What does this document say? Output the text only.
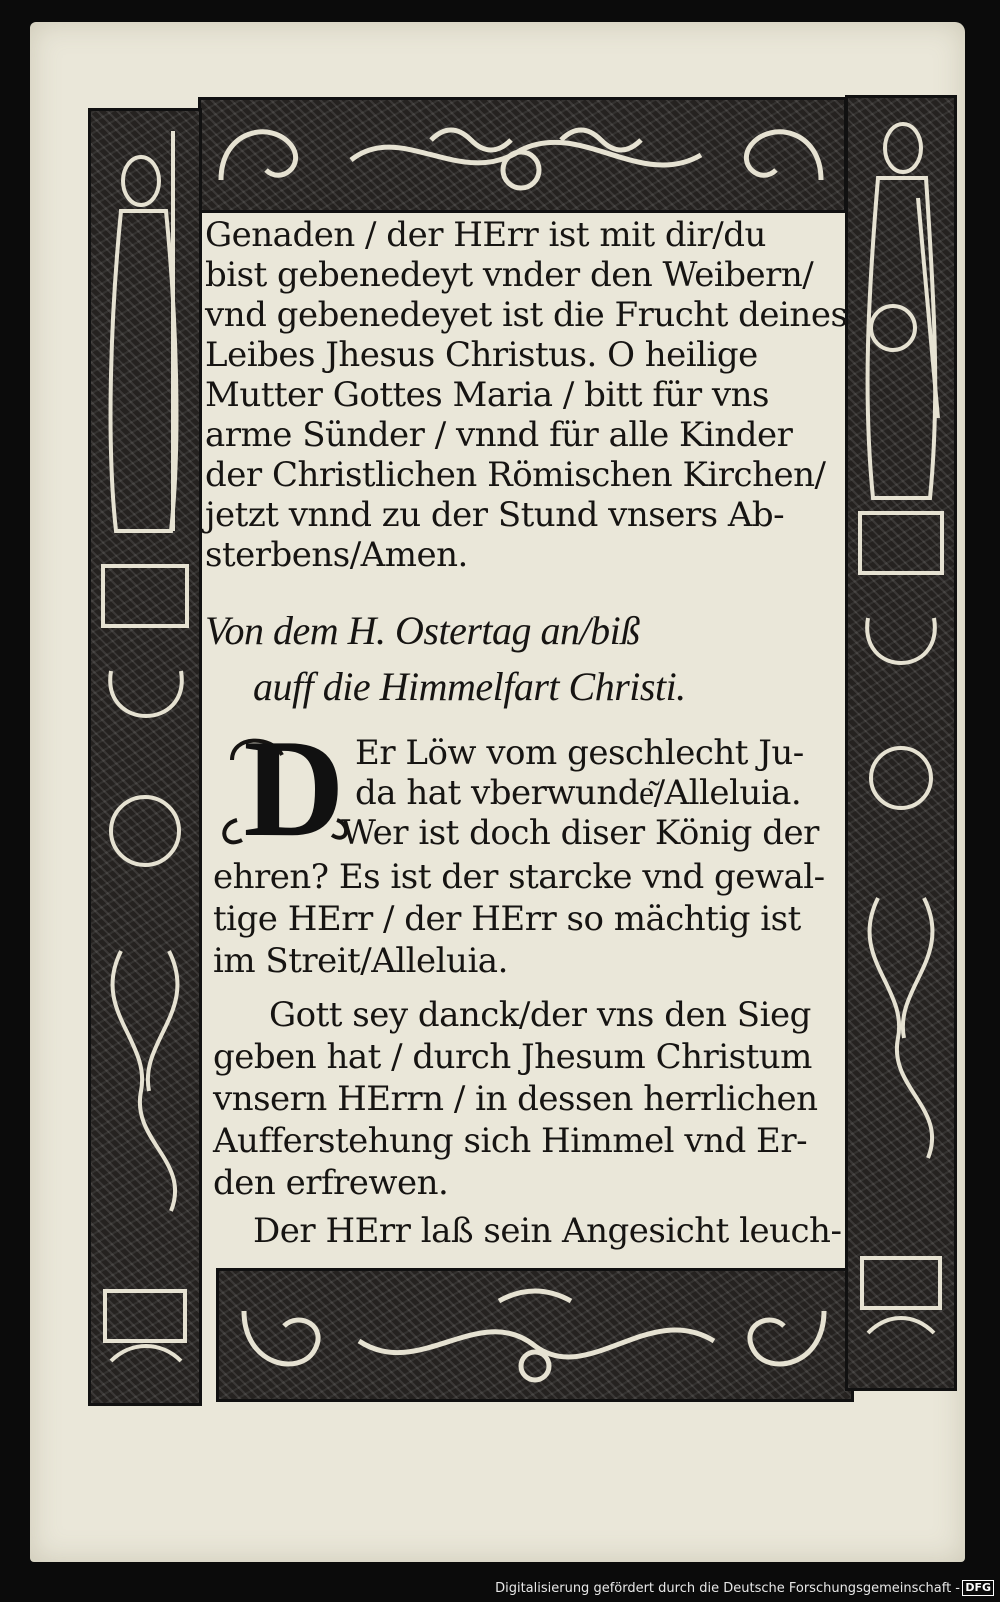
Genaden / der HErr ist mit dir/du
bist gebenedeyt vnder den Weibern/
vnd gebenedeyet ist die Frucht deines
Leibes Jhesus Christus. O heilige
Mutter Gottes Maria / bitt für vns
arme Sünder / vnnd für alle Kinder
der Christlichen Römischen Kirchen/
jetzt vnnd zu der Stund vnsers Ab-
sterbens/Amen.
Von dem H. Ostertag an/biß
auff die Himmelfart Christi.
D Er Löw vom geschlecht Ju-
da hat vberwunde͂/Alleluia.
Wer ist doch diser König der
ehren? Es ist der starcke vnd gewal-
tige HErr / der HErr so mächtig ist
im Streit/Alleluia.
Gott sey danck/der vns den Sieg
geben hat / durch Jhesum Christum
vnsern HErrn / in dessen herrlichen
Aufferstehung sich Himmel vnd Er-
den erfrewen.
Der HErr laß sein Angesicht leuch-
Digitalisierung gefördert durch die Deutsche Forschungsgemeinschaft - DFG
